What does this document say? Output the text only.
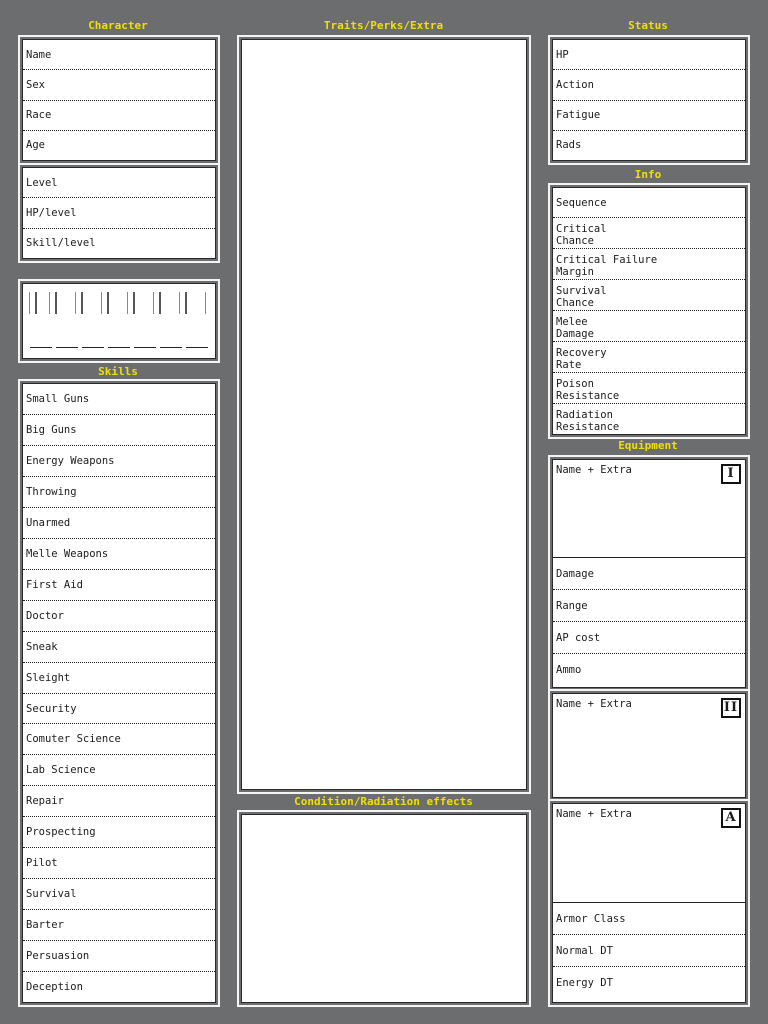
Character	Traits/Perks/Extra	Status
Info
Skills
Equipment
Condition/Radiation effects
Name
Sex
Race
Age
Level
HP/level
Skill/level
Small Guns
Big Guns
Energy Weapons
Throwing
Unarmed
Melle Weapons
First Aid
Doctor
Sneak
Sleight
Security
Comuter Science
Lab Science
Repair
Prospecting
Pilot
Survival
Barter
Persuasion
Deception
HP
Action
Fatigue
Rads
Sequence
Critical
Chance
Critical Failure
Margin
Survival
Chance
Melee
Damage
Recovery
Rate
Poison
Resistance
Radiation
Resistance
Name + Extra	I
Damage
Range
AP cost
Ammo
Name + Extra	II
Name + Extra	A
Armor Class
Normal DT
Energy DT
